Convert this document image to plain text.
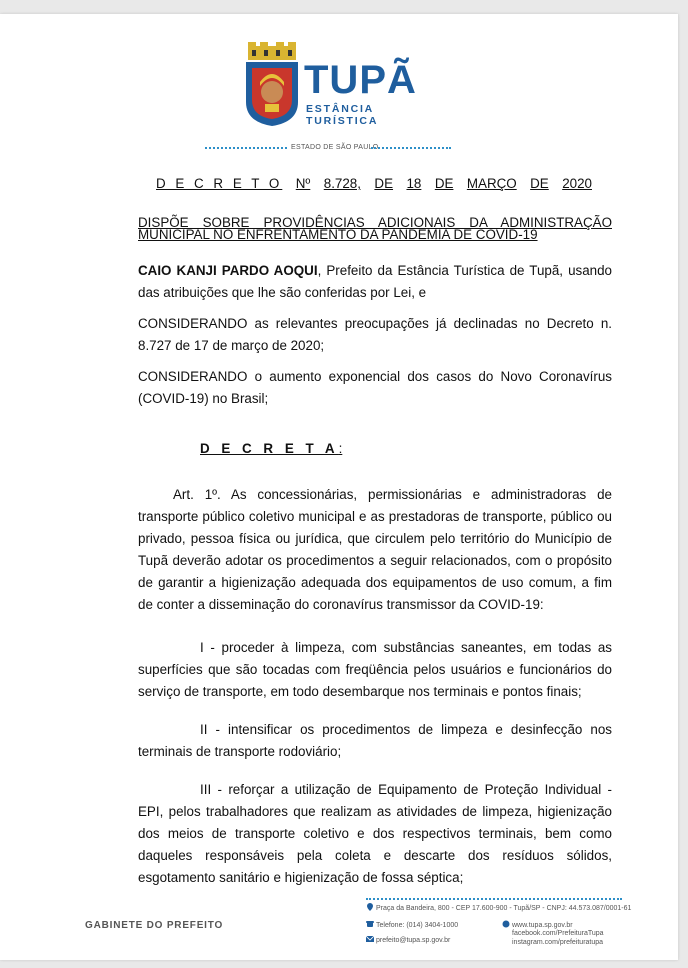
TUPÃ
ESTÂNCIA TURÍSTICA
ESTADO DE SÃO PAULO
D E C R E T O Nº 8.728, DE 18 DE MARÇO DE 2020
DISPÕE SOBRE PROVIDÊNCIAS ADICIONAIS DA ADMINISTRAÇÃO
MUNICIPAL NO ENFRENTAMENTO DA PANDEMIA DE COVID-19
CAIO KANJI PARDO AOQUI, Prefeito da Estância Turística de Tupã, usando
das atribuições que lhe são conferidas por Lei, e
CONSIDERANDO as relevantes preocupações já declinadas no Decreto n.
8.727 de 17 de março de 2020;
CONSIDERANDO o aumento exponencial dos casos do Novo Coronavírus
(COVID-19) no Brasil;
D E C R E T A:
Art. 1º. As concessionárias, permissionárias e administradoras de
transporte público coletivo municipal e as prestadoras de transporte, público ou
privado, pessoa física ou jurídica, que circulem pelo território do Município de
Tupã deverão adotar os procedimentos a seguir relacionados, com o propósito
de garantir a higienização adequada dos equipamentos de uso comum, a fim
de conter a disseminação do coronavírus transmissor da COVID-19:
I - proceder à limpeza, com substâncias saneantes, em todas as
superfícies que são tocadas com freqüência pelos usuários e funcionários do
serviço de transporte, em todo desembarque nos terminais e pontos finais;
II - intensificar os procedimentos de limpeza e desinfecção nos
terminais de transporte rodoviário;
III - reforçar a utilização de Equipamento de Proteção Individual -
EPI, pelos trabalhadores que realizam as atividades de limpeza, higienização
dos meios de transporte coletivo e dos respectivos terminais, bem como
daqueles responsáveis pela coleta e descarte dos resíduos sólidos,
esgotamento sanitário e higienização de fossa séptica;
GABINETE DO PREFEITO
Praça da Bandeira, 800 - CEP 17.600-900 - Tupã/SP - CNPJ: 44.573.087/0001-61
Telefone: (014) 3404-1000
prefeito@tupa.sp.gov.br
www.tupa.sp.gov.br
facebook.com/PrefeituraTupa
instagram.com/prefeituratupa
